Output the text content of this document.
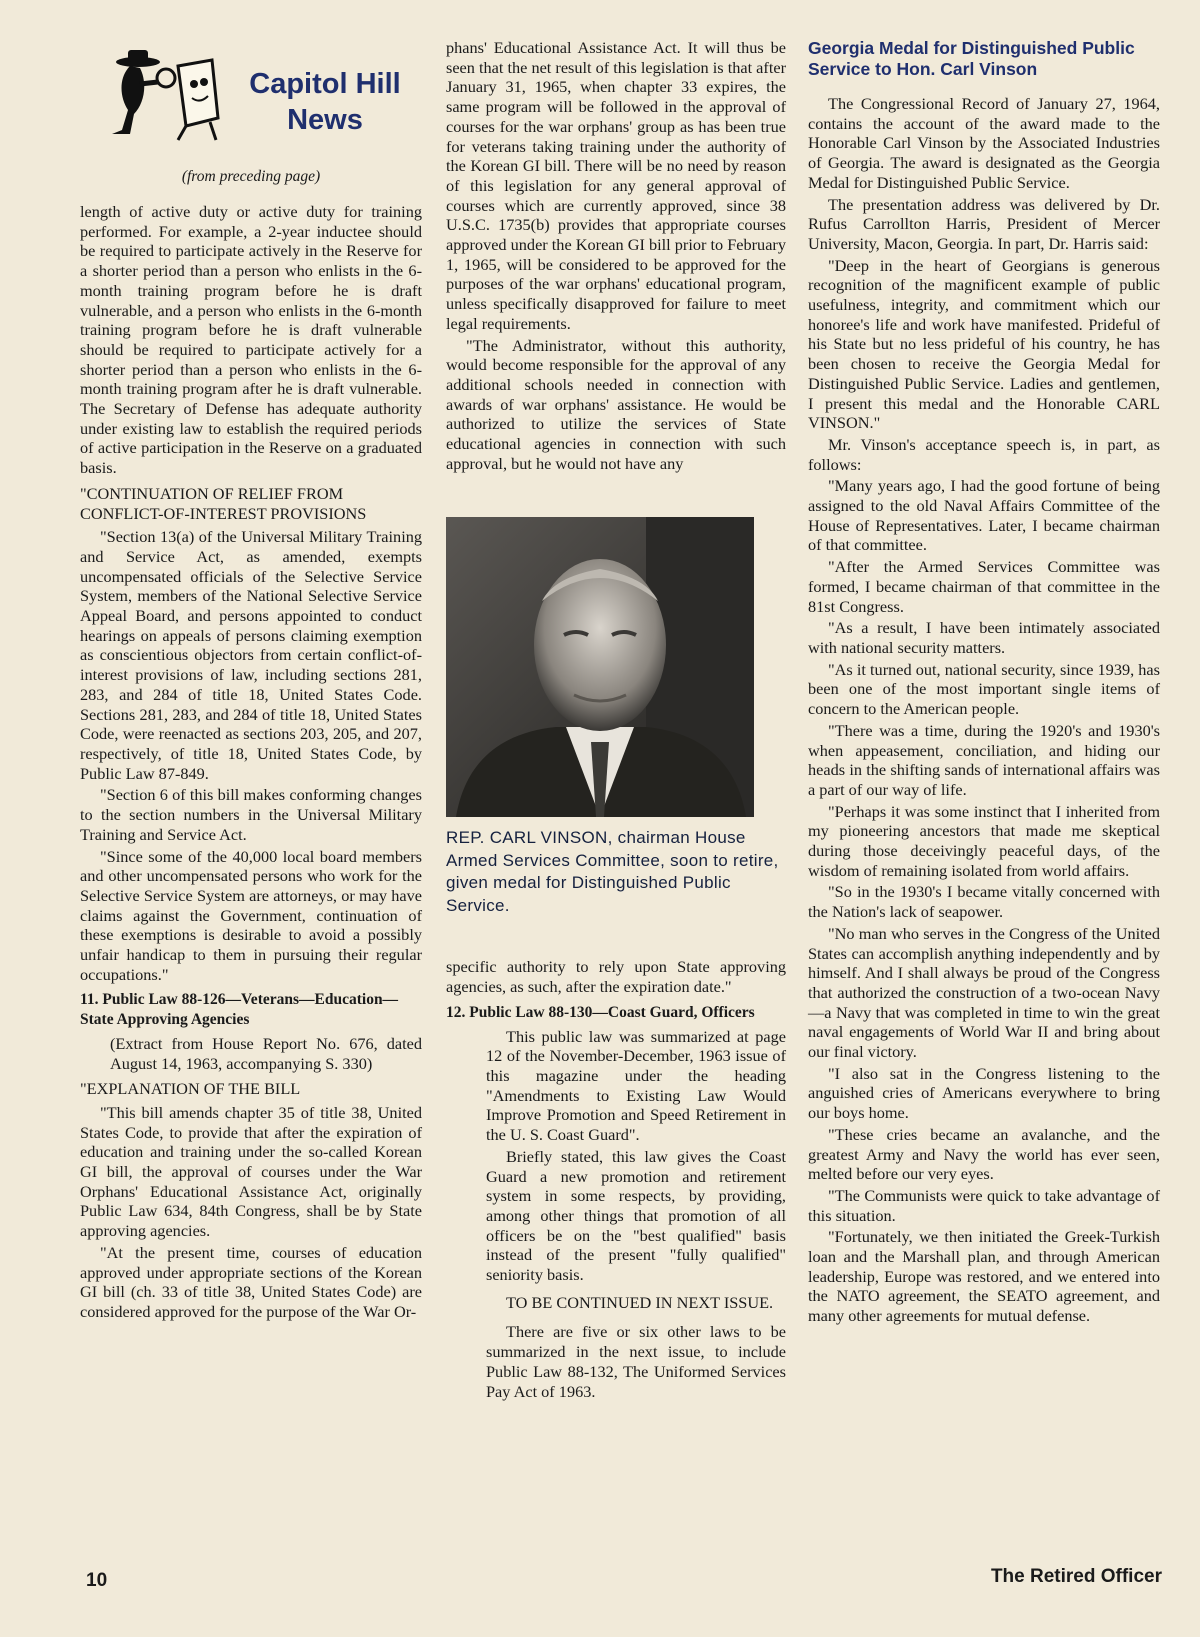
Capitol Hill
News
(from preceding page)

length of active duty or active duty for training performed. For example, a 2-year inductee should be required to participate actively in the Reserve for a shorter period than a person who enlists in the 6-month training program before he is draft vulnerable, and a person who enlists in the 6-month training program before he is draft vulnerable should be required to participate actively for a shorter period than a person who enlists in the 6-month training program after he is draft vulnerable. The Secretary of Defense has adequate authority under existing law to establish the required periods of active participation in the Reserve on a graduated basis.

"CONTINUATION OF RELIEF FROM CONFLICT-OF-INTEREST PROVISIONS

"Section 13(a) of the Universal Military Training and Service Act, as amended, exempts uncompensated officials of the Selective Service System, members of the National Selective Service Appeal Board, and persons appointed to conduct hearings on appeals of persons claiming exemption as conscientious objectors from certain conflict-of-interest provisions of law, including sections 281, 283, and 284 of title 18, United States Code. Sections 281, 283, and 284 of title 18, United States Code, were reenacted as sections 203, 205, and 207, respectively, of title 18, United States Code, by Public Law 87-849.

"Section 6 of this bill makes conforming changes to the section numbers in the Universal Military Training and Service Act.

"Since some of the 40,000 local board members and other uncompensated persons who work for the Selective Service System are attorneys, or may have claims against the Government, continuation of these exemptions is desirable to avoid a possibly unfair handicap to them in pursuing their regular occupations."

11. Public Law 88-126—Veterans—Education—State Approving Agencies

(Extract from House Report No. 676, dated August 14, 1963, accompanying S. 330)

"EXPLANATION OF THE BILL

"This bill amends chapter 35 of title 38, United States Code, to provide that after the expiration of education and training under the so-called Korean GI bill, the approval of courses under the War Orphans' Educational Assistance Act, originally Public Law 634, 84th Congress, shall be by State approving agencies.

"At the present time, courses of education approved under appropriate sections of the Korean GI bill (ch. 33 of title 38, United States Code) are considered approved for the purpose of the War Or-

phans' Educational Assistance Act. It will thus be seen that the net result of this legislation is that after January 31, 1965, when chapter 33 expires, the same program will be followed in the approval of courses for the war orphans' group as has been true for veterans taking training under the authority of the Korean GI bill. There will be no need by reason of this legislation for any general approval of courses which are currently approved, since 38 U.S.C. 1735(b) provides that appropriate courses approved under the Korean GI bill prior to February 1, 1965, will be considered to be approved for the purposes of the war orphans' educational program, unless specifically disapproved for failure to meet legal requirements.

"The Administrator, without this authority, would become responsible for the approval of any additional schools needed in connection with awards of war orphans' assistance. He would be authorized to utilize the services of State educational agencies in connection with such approval, but he would not have any

REP. CARL VINSON, chairman House Armed Services Committee, soon to retire, given medal for Distinguished Public Service.

specific authority to rely upon State approving agencies, as such, after the expiration date."

12. Public Law 88-130—Coast Guard, Officers

This public law was summarized at page 12 of the November-December, 1963 issue of this magazine under the heading "Amendments to Existing Law Would Improve Promotion and Speed Retirement in the U. S. Coast Guard".

Briefly stated, this law gives the Coast Guard a new promotion and retirement system in some respects, by providing, among other things that promotion of all officers be on the "best qualified" basis instead of the present "fully qualified" seniority basis.

TO BE CONTINUED IN NEXT ISSUE.

There are five or six other laws to be summarized in the next issue, to include Public Law 88-132, The Uniformed Services Pay Act of 1963.

Georgia Medal for Distinguished Public Service to Hon. Carl Vinson

The Congressional Record of January 27, 1964, contains the account of the award made to the Honorable Carl Vinson by the Associated Industries of Georgia. The award is designated as the Georgia Medal for Distinguished Public Service.

The presentation address was delivered by Dr. Rufus Carrollton Harris, President of Mercer University, Macon, Georgia. In part, Dr. Harris said:

"Deep in the heart of Georgians is generous recognition of the magnificent example of public usefulness, integrity, and commitment which our honoree's life and work have manifested. Prideful of his State but no less prideful of his country, he has been chosen to receive the Georgia Medal for Distinguished Public Service. Ladies and gentlemen, I present this medal and the Honorable CARL VINSON."

Mr. Vinson's acceptance speech is, in part, as follows:

"Many years ago, I had the good fortune of being assigned to the old Naval Affairs Committee of the House of Representatives. Later, I became chairman of that committee.

"After the Armed Services Committee was formed, I became chairman of that committee in the 81st Congress.

"As a result, I have been intimately associated with national security matters.

"As it turned out, national security, since 1939, has been one of the most important single items of concern to the American people.

"There was a time, during the 1920's and 1930's when appeasement, conciliation, and hiding our heads in the shifting sands of international affairs was a part of our way of life.

"Perhaps it was some instinct that I inherited from my pioneering ancestors that made me skeptical during those deceivingly peaceful days, of the wisdom of remaining isolated from world affairs.

"So in the 1930's I became vitally concerned with the Nation's lack of seapower.

"No man who serves in the Congress of the United States can accomplish anything independently and by himself. And I shall always be proud of the Congress that authorized the construction of a two-ocean Navy—a Navy that was completed in time to win the great naval engagements of World War II and bring about our final victory.

"I also sat in the Congress listening to the anguished cries of Americans everywhere to bring our boys home.

"These cries became an avalanche, and the greatest Army and Navy the world has ever seen, melted before our very eyes.

"The Communists were quick to take advantage of this situation.

"Fortunately, we then initiated the Greek-Turkish loan and the Marshall plan, and through American leadership, Europe was restored, and we entered into the NATO agreement, the SEATO agreement, and many other agreements for mutual defense.

10	The Retired Officer
